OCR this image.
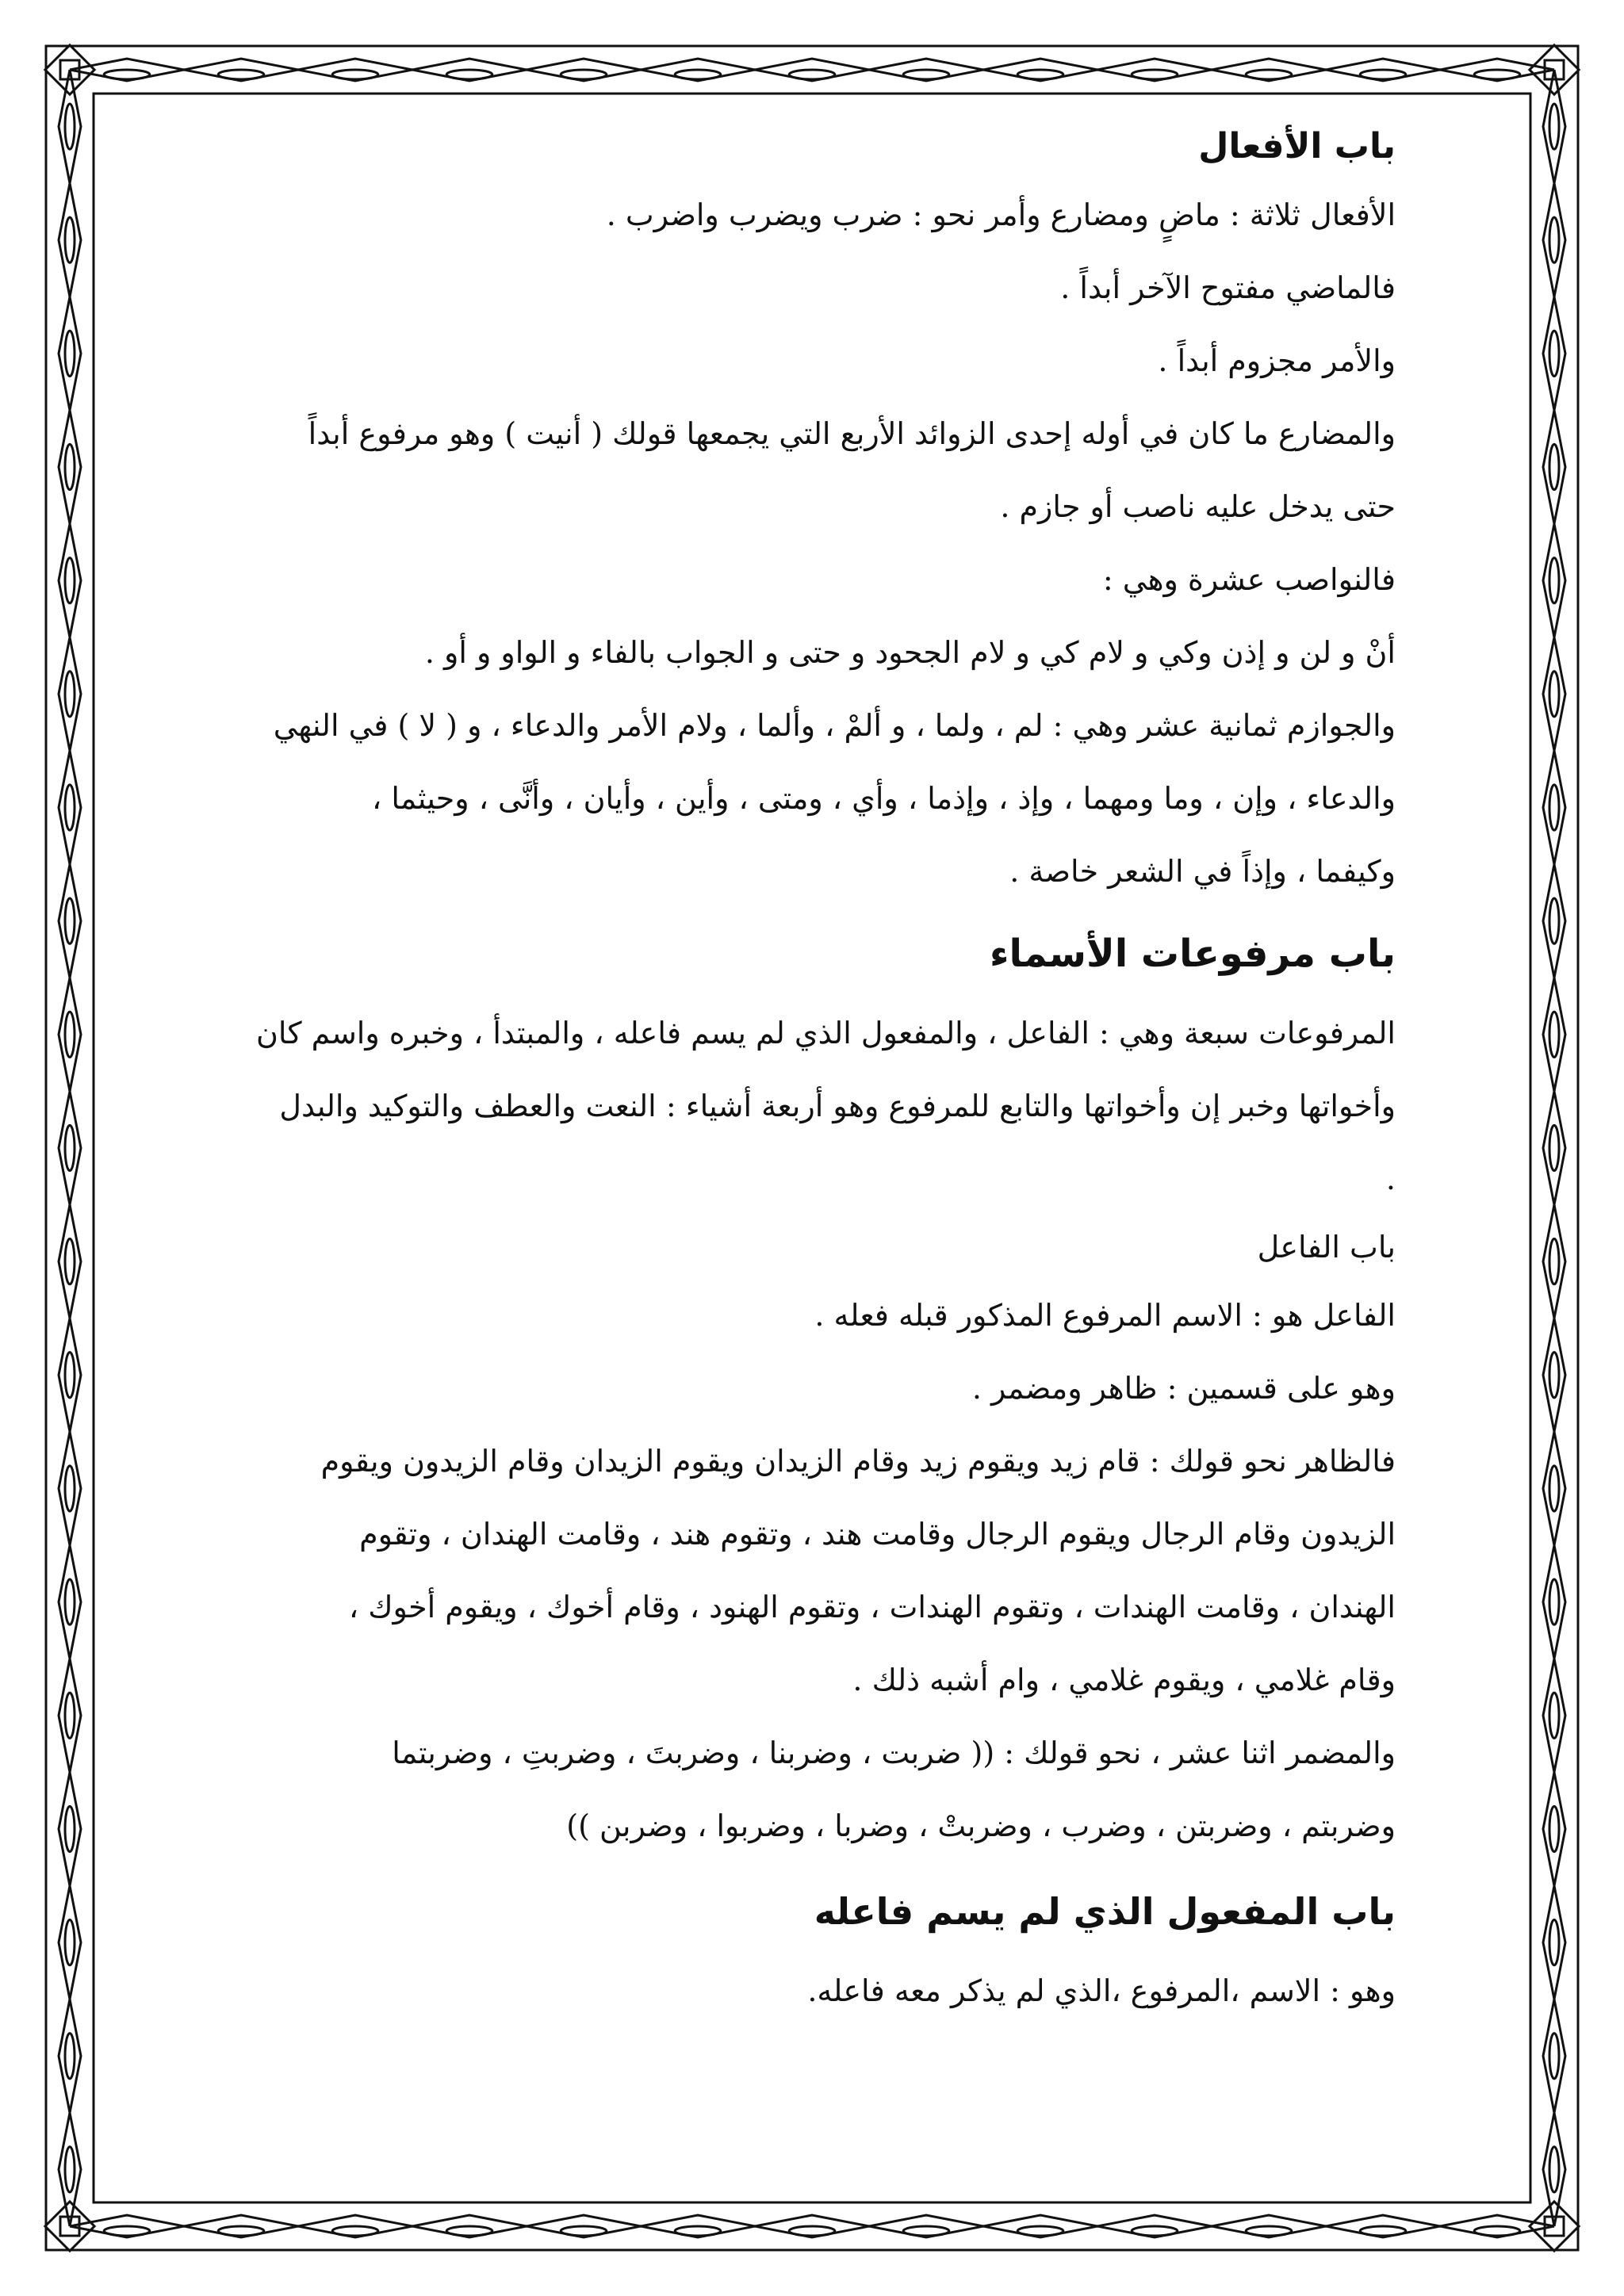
باب الأفعال
الأفعال ثلاثة : ماضٍ ومضارع وأمر نحو : ضرب ويضرب واضرب .
فالماضي مفتوح الآخر أبداً .
والأمر مجزوم أبداً .
والمضارع ما كان في أوله إحدى الزوائد الأربع التي يجمعها قولك ( أنيت ) وهو مرفوع أبداً
حتى يدخل عليه ناصب أو جازم .
فالنواصب عشرة وهي :
أنْ و لن و إذن وكي و لام كي و لام الجحود و حتى و الجواب بالفاء و الواو و أو .
والجوازم ثمانية عشر وهي : لم ، ولما ، و ألمْ ، وألما ، ولام الأمر والدعاء ، و ( لا ) في النهي
والدعاء ، وإن ، وما ومهما ، وإذ ، وإذما ، وأي ، ومتى ، وأين ، وأيان ، وأنَّى ، وحيثما ،
وكيفما ، وإذاً في الشعر خاصة .
باب مرفوعات الأسماء
المرفوعات سبعة وهي : الفاعل ، والمفعول الذي لم يسم فاعله ، والمبتدأ ، وخبره واسم كان
وأخواتها وخبر إن وأخواتها والتابع للمرفوع وهو أربعة أشياء : النعت والعطف والتوكيد والبدل
.
باب الفاعل
الفاعل هو : الاسم المرفوع المذكور قبله فعله .
وهو على قسمين : ظاهر ومضمر .
فالظاهر نحو قولك : قام زيد ويقوم زيد وقام الزيدان ويقوم الزيدان وقام الزيدون ويقوم
الزيدون وقام الرجال ويقوم الرجال وقامت هند ، وتقوم هند ، وقامت الهندان ، وتقوم
الهندان ، وقامت الهندات ، وتقوم الهندات ، وتقوم الهنود ، وقام أخوك ، ويقوم أخوك ،
وقام غلامي ، ويقوم غلامي ، وام أشبه ذلك .
والمضمر اثنا عشر ، نحو قولك : (( ضربت ، وضربنا ، وضربتَ ، وضربتِ ، وضربتما
وضربتم ، وضربتن ، وضرب ، وضربتْ ، وضربا ، وضربوا ، وضربن ))
باب المفعول الذي لم يسم فاعله
وهو : الاسم ،المرفوع ،الذي لم يذكر معه فاعله.
